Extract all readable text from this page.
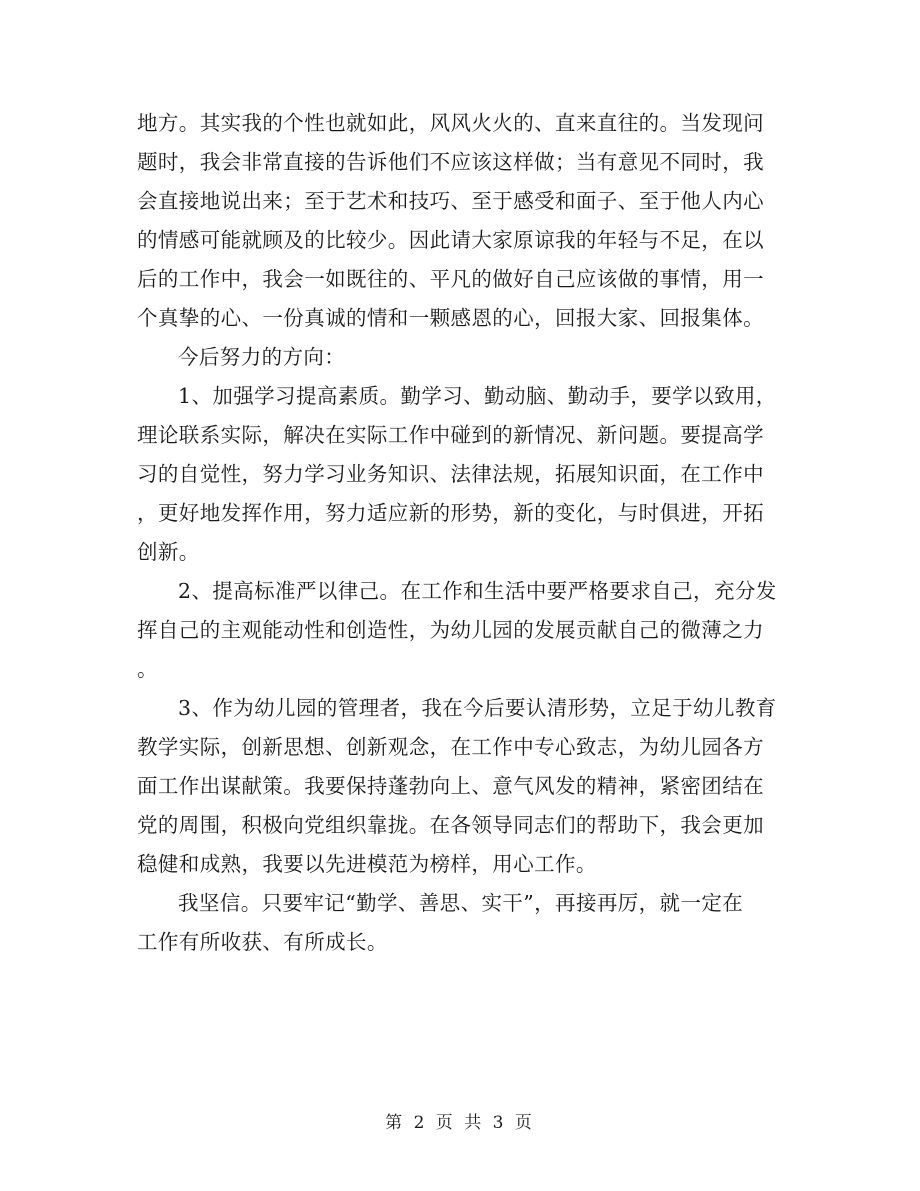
地方。其实我的个性也就如此，风风火火的、直来直往的。当发现问
题时，我会非常直接的告诉他们不应该这样做；当有意见不同时，我
会直接地说出来；至于艺术和技巧、至于感受和面子、至于他人内心
的情感可能就顾及的比较少。因此请大家原谅我的年轻与不足，在以
后的工作中，我会一如既往的、平凡的做好自己应该做的事情，用一
个真挚的心、一份真诚的情和一颗感恩的心，回报大家、回报集体。
今后努力的方向：
1、加强学习提高素质。勤学习、勤动脑、勤动手，要学以致用，
理论联系实际，解决在实际工作中碰到的新情况、新问题。要提高学
习的自觉性，努力学习业务知识、法律法规，拓展知识面，在工作中
，更好地发挥作用，努力适应新的形势，新的变化，与时俱进，开拓
创新。
2、提高标准严以律己。在工作和生活中要严格要求自己，充分发
挥自己的主观能动性和创造性，为幼儿园的发展贡献自己的微薄之力
。
3、作为幼儿园的管理者，我在今后要认清形势，立足于幼儿教育
教学实际，创新思想、创新观念，在工作中专心致志，为幼儿园各方
面工作出谋献策。我要保持蓬勃向上、意气风发的精神，紧密团结在
党的周围，积极向党组织靠拢。在各领导同志们的帮助下，我会更加
稳健和成熟，我要以先进模范为榜样，用心工作。
我坚信。只要牢记“勤学、善思、实干”，再接再厉，就一定在
工作有所收获、有所成长。
第 2 页 共 3 页
